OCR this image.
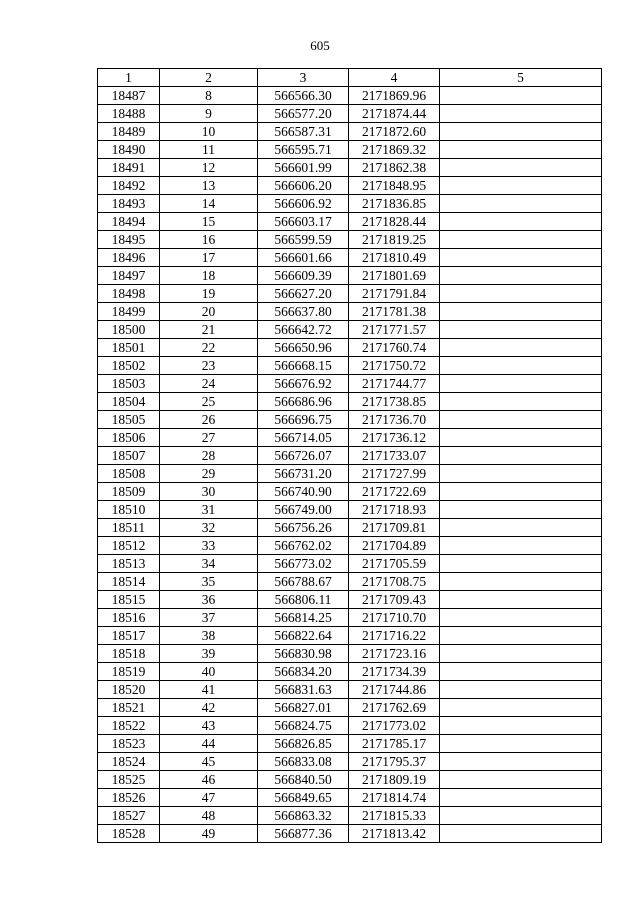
605
1	2	3	4	5
18487	8	566566.30	2171869.96	
18488	9	566577.20	2171874.44	
18489	10	566587.31	2171872.60	
18490	11	566595.71	2171869.32	
18491	12	566601.99	2171862.38	
18492	13	566606.20	2171848.95	
18493	14	566606.92	2171836.85	
18494	15	566603.17	2171828.44	
18495	16	566599.59	2171819.25	
18496	17	566601.66	2171810.49	
18497	18	566609.39	2171801.69	
18498	19	566627.20	2171791.84	
18499	20	566637.80	2171781.38	
18500	21	566642.72	2171771.57	
18501	22	566650.96	2171760.74	
18502	23	566668.15	2171750.72	
18503	24	566676.92	2171744.77	
18504	25	566686.96	2171738.85	
18505	26	566696.75	2171736.70	
18506	27	566714.05	2171736.12	
18507	28	566726.07	2171733.07	
18508	29	566731.20	2171727.99	
18509	30	566740.90	2171722.69	
18510	31	566749.00	2171718.93	
18511	32	566756.26	2171709.81	
18512	33	566762.02	2171704.89	
18513	34	566773.02	2171705.59	
18514	35	566788.67	2171708.75	
18515	36	566806.11	2171709.43	
18516	37	566814.25	2171710.70	
18517	38	566822.64	2171716.22	
18518	39	566830.98	2171723.16	
18519	40	566834.20	2171734.39	
18520	41	566831.63	2171744.86	
18521	42	566827.01	2171762.69	
18522	43	566824.75	2171773.02	
18523	44	566826.85	2171785.17	
18524	45	566833.08	2171795.37	
18525	46	566840.50	2171809.19	
18526	47	566849.65	2171814.74	
18527	48	566863.32	2171815.33	
18528	49	566877.36	2171813.42	
